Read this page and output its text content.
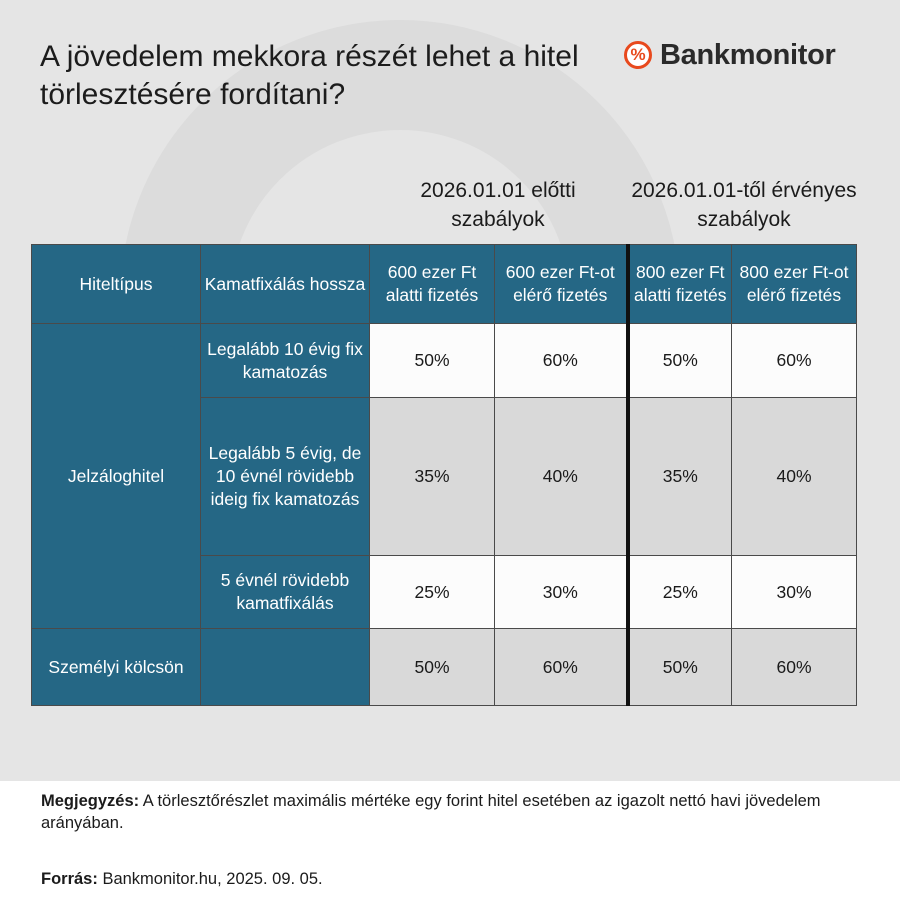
A jövedelem mekkora részét lehet a hitel törlesztésére fordítani?
% Bankmonitor
2026.01.01 előtti szabályok
2026.01.01-től érvényes szabályok
Hiteltípus	Kamatfixálás hossza	600 ezer Ft alatti fizetés	600 ezer Ft-ot elérő fizetés	800 ezer Ft alatti fizetés	800 ezer Ft-ot elérő fizetés
Jelzáloghitel	Legalább 10 évig fix kamatozás	50%	60%	50%	60%
	Legalább 5 évig, de 10 évnél rövidebb ideig fix kamatozás	35%	40%	35%	40%
	5 évnél rövidebb kamatfixálás	25%	30%	25%	30%
Személyi kölcsön		50%	60%	50%	60%
Megjegyzés: A törlesztőrészlet maximális mértéke egy forint hitel esetében az igazolt nettó havi jövedelem arányában.
Forrás: Bankmonitor.hu, 2025. 09. 05.
